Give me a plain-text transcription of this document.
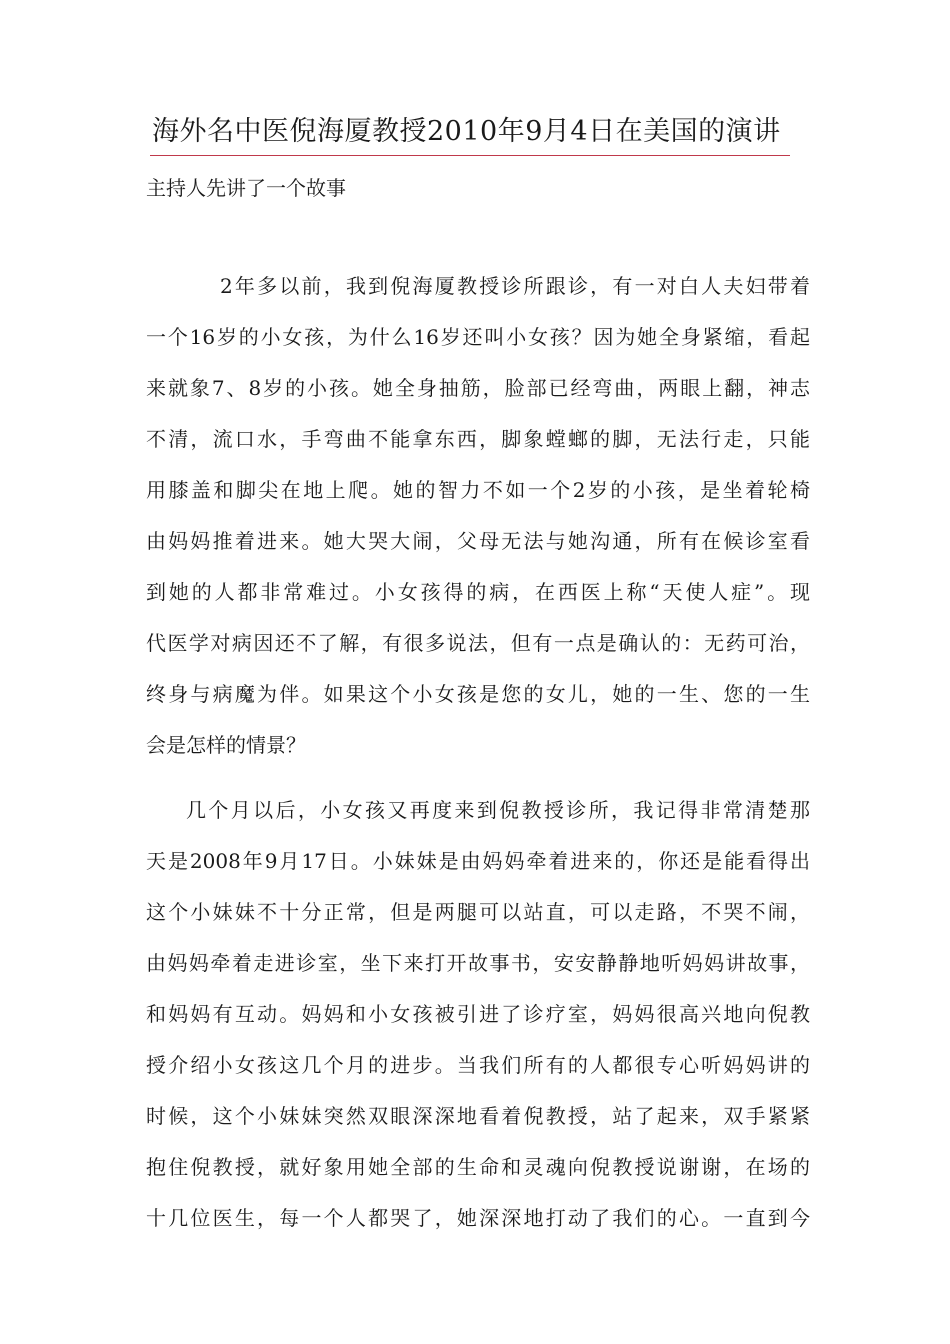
海外名中医倪海厦教授2010年9月4日在美国的演讲

主持人先讲了一个故事

2年多以前，我到倪海厦教授诊所跟诊，有一对白人夫妇带着
一个16岁的小女孩，为什么16岁还叫小女孩？因为她全身紧缩，看起
来就象7、8岁的小孩。她全身抽筋，脸部已经弯曲，两眼上翻，神志
不清，流口水，手弯曲不能拿东西，脚象螳螂的脚，无法行走，只能
用膝盖和脚尖在地上爬。她的智力不如一个2岁的小孩，是坐着轮椅
由妈妈推着进来。她大哭大闹，父母无法与她沟通，所有在候诊室看
到她的人都非常难过。小女孩得的病，在西医上称“天使人症”。现
代医学对病因还不了解，有很多说法，但有一点是确认的：无药可治，
终身与病魔为伴。如果这个小女孩是您的女儿，她的一生、您的一生
会是怎样的情景？
几个月以后，小女孩又再度来到倪教授诊所，我记得非常清楚那
天是2008年9月17日。小妹妹是由妈妈牵着进来的，你还是能看得出
这个小妹妹不十分正常，但是两腿可以站直，可以走路，不哭不闹，
由妈妈牵着走进诊室，坐下来打开故事书，安安静静地听妈妈讲故事，
和妈妈有互动。妈妈和小女孩被引进了诊疗室，妈妈很高兴地向倪教
授介绍小女孩这几个月的进步。当我们所有的人都很专心听妈妈讲的
时候，这个小妹妹突然双眼深深地看着倪教授，站了起来，双手紧紧
抱住倪教授，就好象用她全部的生命和灵魂向倪教授说谢谢，在场的
十几位医生，每一个人都哭了，她深深地打动了我们的心。一直到今
